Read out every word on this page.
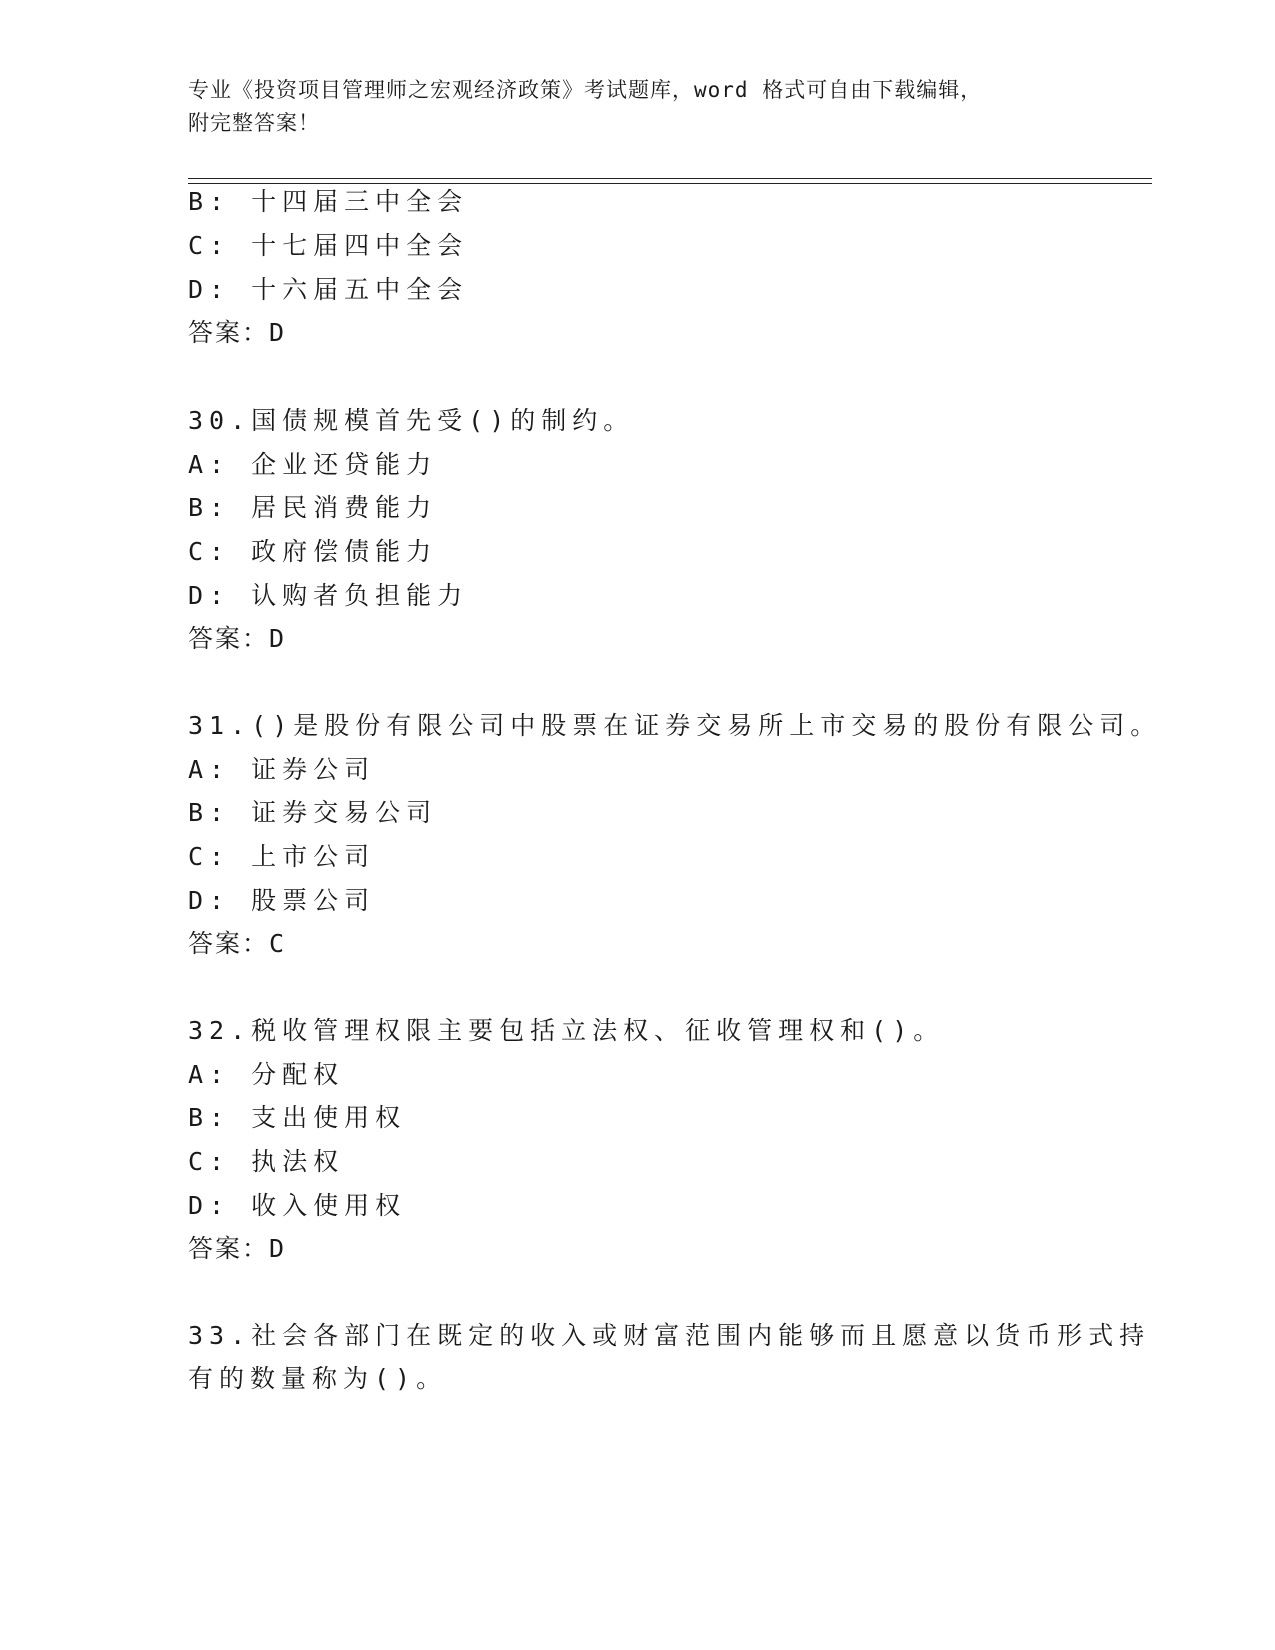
专业《投资项目管理师之宏观经济政策》考试题库，word 格式可自由下载编辑，
附完整答案！
B: 十四届三中全会
C: 十七届四中全会
D: 十六届五中全会
答案：D
30.国债规模首先受()的制约。
A: 企业还贷能力
B: 居民消费能力
C: 政府偿债能力
D: 认购者负担能力
答案：D
31.()是股份有限公司中股票在证券交易所上市交易的股份有限公司。
A: 证券公司
B: 证券交易公司
C: 上市公司
D: 股票公司
答案：C
32.税收管理权限主要包括立法权、征收管理权和()。
A: 分配权
B: 支出使用权
C: 执法权
D: 收入使用权
答案：D
33.社会各部门在既定的收入或财富范围内能够而且愿意以货币形式持
有的数量称为()。
